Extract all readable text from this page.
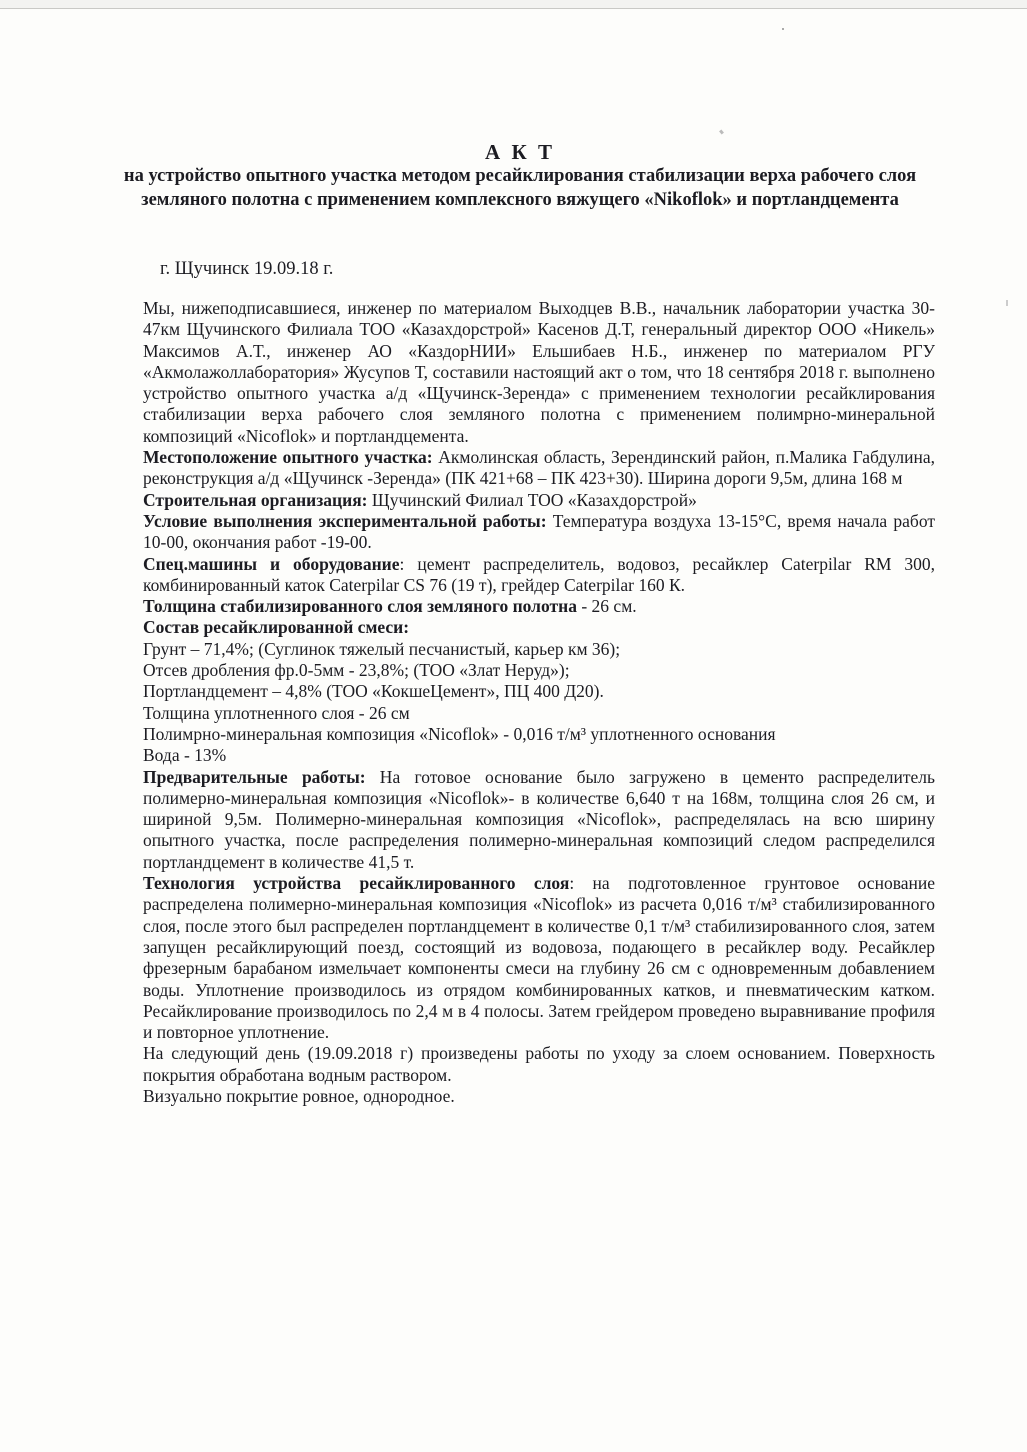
А К Т
на устройство опытного участка методом ресайклирования стабилизации верха рабочего слоя земляного полотна с применением комплексного вяжущего «Nikoflok» и портландцемента
г. Щучинск 19.09.18 г.

Мы, нижеподписавшиеся, инженер по материалом Выходцев В.В., начальник лаборатории участка 30-47км Щучинского Филиала ТОО «Казахдорстрой» Касенов Д.Т, генеральный директор ООО «Никель» Максимов А.Т., инженер АО «КаздорНИИ» Ельшибаев Н.Б., инженер по материалом РГУ «Акмолажоллаборатория» Жусупов Т, составили настоящий акт о том, что 18 сентября 2018 г. выполнено устройство опытного участка а/д «Щучинск-Зеренда» с применением технологии ресайклирования стабилизации верха рабочего слоя земляного полотна с применением полимрно-минеральной композиций «Nicoflok» и портландцемента.

Местоположение опытного участка: Акмолинская область, Зерендинский район, п.Малика Габдулина, реконструкция а/д «Щучинск -Зеренда» (ПК 421+68 – ПК 423+30). Ширина дороги 9,5м, длина 168 м

Строительная организация: Щучинский Филиал ТОО «Казахдорстрой»

Условие выполнения экспериментальной работы: Температура воздуха 13-15°С, время начала работ 10-00, окончания работ -19-00.

Спец.машины и оборудование: цемент распределитель, водовоз, ресайклер Caterpilar RM 300, комбинированный каток Caterpilar CS 76 (19 т), грейдер Caterpilar 160 К.

Толщина стабилизированного слоя земляного полотна - 26 см.

Состав ресайклированной смеси:

Грунт – 71,4%; (Суглинок тяжелый песчанистый, карьер км 36);

Отсев дробления фр.0-5мм - 23,8%; (ТОО «Злат Неруд»);

Портландцемент – 4,8% (ТОО «КокшеЦемент», ПЦ 400 Д20).

Толщина уплотненного слоя - 26 см

Полимрно-минеральная композиция «Nicoflok» - 0,016 т/м³ уплотненного основания

Вода - 13%

Предварительные работы: На готовое основание было загружено в цементо распределитель полимерно-минеральная композиция «Nicoflok»- в количестве 6,640 т на 168м, толщина слоя 26 см, и шириной 9,5м. Полимерно-минеральная композиция «Nicoflok», распределялась на всю ширину опытного участка, после распределения полимерно-минеральная композиций следом распределился портландцемент в количестве 41,5 т.

Технология устройства ресайклированного слоя: на подготовленное грунтовое основание распределена полимерно-минеральная композиция «Nicoflok» из расчета 0,016 т/м³ стабилизированного слоя, после этого был распределен портландцемент в количестве 0,1 т/м³ стабилизированного слоя, затем запущен ресайклирующий поезд, состоящий из водовоза, подающего в ресайклер воду. Ресайклер фрезерным барабаном измельчает компоненты смеси на глубину 26 см с одновременным добавлением воды. Уплотнение производилось из отрядом комбинированных катков, и пневматическим катком. Ресайклирование производилось по 2,4 м в 4 полосы. Затем грейдером проведено выравнивание профиля и повторное уплотнение.

На следующий день (19.09.2018 г) произведены работы по уходу за слоем основанием. Поверхность покрытия обработана водным раствором.

Визуально покрытие ровное, однородное.
